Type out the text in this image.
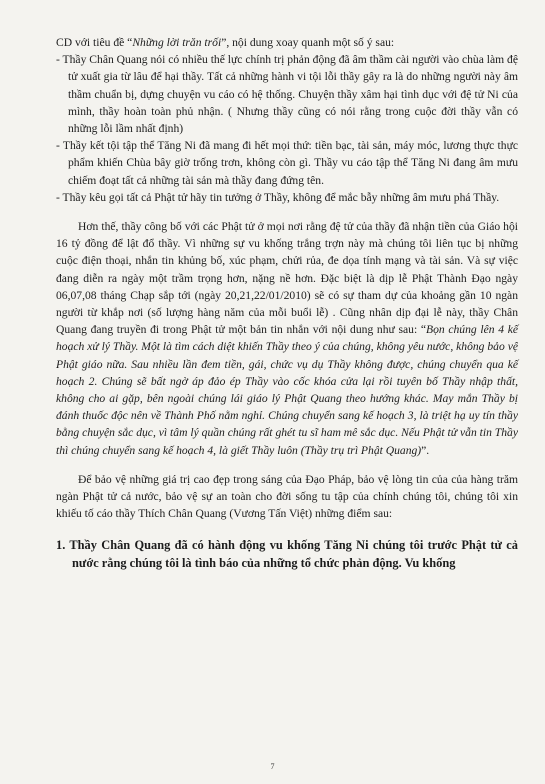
CD với tiêu đề “Những lời trăn trối”, nội dung xoay quanh một số ý sau:

- Thầy Chân Quang nói có nhiều thế lực chính trị phản động đã âm thầm cài người vào chùa làm đệ tử xuất gia từ lâu để hại thầy. Tất cả những hành vi tội lỗi thầy gây ra là do những người này âm thầm chuẩn bị, dựng chuyện vu cáo có hệ thống. Chuyện thầy xâm hại tình dục với đệ tử Ni của mình, thầy hoàn toàn phủ nhận. ( Nhưng thầy cũng có nói rằng trong cuộc đời thầy vẫn có những lỗi lầm nhất định)

- Thầy kết tội tập thể Tăng Ni đã mang đi hết mọi thứ: tiền bạc, tài sản, máy móc, lương thực thực phẩm khiến Chùa bây giờ trống trơn, không còn gì. Thầy vu cáo tập thể Tăng Ni đang âm mưu chiếm đoạt tất cả những tài sản mà thầy đang đứng tên.

- Thầy kêu gọi tất cả Phật tử hãy tin tưởng ở Thầy, không để mắc bẫy những âm mưu phá Thầy.

Hơn thế, thầy công bố với các Phật tử ở mọi nơi rằng đệ tử của thầy đã nhận tiền của Giáo hội 16 tỷ đồng để lật đổ thầy. Vì những sự vu khống trắng trợn này mà chúng tôi liên tục bị những cuộc điện thoại, nhắn tin khủng bố, xúc phạm, chửi rủa, đe dọa tính mạng và tài sản. Và sự việc đang diễn ra ngày một trầm trọng hơn, nặng nề hơn. Đặc biệt là dịp lễ Phật Thành Đạo ngày 06,07,08 tháng Chạp sắp tới (ngày 20,21,22/01/2010) sẽ có sự tham dự của khoảng gần 10 ngàn người từ khắp nơi (số lượng hàng năm của mỗi buổi lễ) . Cũng nhân dịp đại lễ này, thầy Chân Quang đang truyền đi trong Phật tử một bản tin nhắn với nội dung như sau: “Bọn chúng lên 4 kế hoạch xử lý Thầy. Một là tìm cách diệt khiến Thầy theo ý của chúng, không yêu nước, không bảo vệ Phật giáo nữa. Sau nhiều lần đem tiền, gái, chức vụ dụ Thầy không được, chúng chuyển qua kế hoạch 2. Chúng sẽ bất ngờ áp đảo ép Thầy vào cốc khóa cửa lại rồi tuyên bố Thầy nhập thất, không cho ai gặp, bên ngoài chúng lái giáo lý Phật Quang theo hướng khác. May mắn Thầy bị đánh thuốc độc nên về Thành Phố nằm nghỉ. Chúng chuyển sang kế hoạch 3, là triệt hạ uy tín thầy bằng chuyện sắc dục, vì tâm lý quần chúng rất ghét tu sĩ ham mê sắc dục. Nếu Phật tử vẫn tin Thầy thì chúng chuyển sang kế hoạch 4, là giết Thầy luôn (Thầy trụ trì Phật Quang)”.

Để bảo vệ những giá trị cao đẹp trong sáng của Đạo Pháp, bảo vệ lòng tin của của hàng trăm ngàn Phật tử cả nước, bảo vệ sự an toàn cho đời sống tu tập của chính chúng tôi, chúng tôi xin khiếu tố cáo thầy Thích Chân Quang (Vương Tấn Việt) những điểm sau:

1. Thầy Chân Quang đã có hành động vu khống Tăng Ni chúng tôi trước Phật tử cả nước rằng chúng tôi là tình báo của những tổ chức phản động. Vu khống

7
